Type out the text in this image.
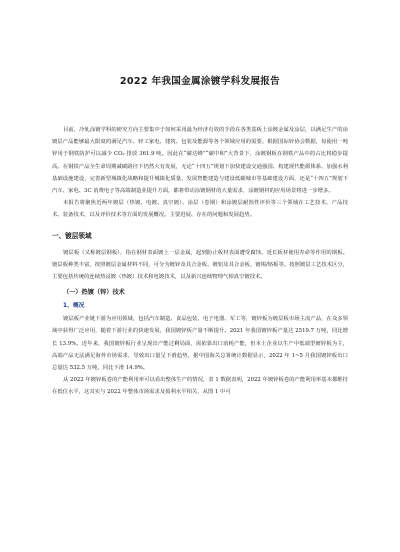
2022 年我国金属涂镀学科发展报告

目前，冷轧涂镀学科的研究方向主要集中于如何采用最为经济有效的手段在各类基板上涂镀金属及涂层，以满足生产的涂镀层产品能够最大限度的满足汽车、轻工家电、建筑、包装及能源等各个领域应用的需要。根据国际锌协会数据，每使用一吨锌用于钢铁防护可以减少 CO₂ 排放 361.9 吨。因此在“碳达峰”“碳中和”大背景下，涂镀钢板在钢铁产品中的占比将稳步提高。在钢铁产品全生命周期减碳路径下仍然大有发展，无论“十四五”规划下加快建设交通强国、构建现代能源体系、加强水利基础设施建设，完善新型城镇化战略和提升城镇化质量、发展智能建造与建设低碳城市等基础建设方面，还是“十四五”规划下汽车、家电、3C 消费电子等高端制造业提升方面，都将带动涂镀钢材的大量需求，涂镀钢材的应用场景将进一步增多。

本报告将聚焦近两年镀层（热镀、电镀、真空镀）、涂层（卷钢）和涂镀层耐蚀性评价等三个领域在工艺技术、产品技术、装备技术，以及评价技术等方面的发展概况、主要进展、存在的问题和发展趋势。

一、镀层领域

镀层板（又称镀层钢板），指在钢材表面镀上一层金属，起到防止板材表面遭受腐蚀、延长板材使用寿命等作用的钢板。镀层板种类丰富，按照镀层金属材料不同，可分为镀锌及其合金板、镀铝及其合金板、镀锡/铬板等。按照镀层工艺技术区分，主要包括传统的连续热浸镀（热镀）技术和电镀技术，以及新兴连续物理气相真空镀技术。

（一）热镀（锌）技术
1、概况

镀层板产业链下游为应用领域，包括汽车制造、食品包装、电子电器、军工等，镀锌板为镀层板市场主流产品，在众多领域中获得广泛应用，随着下游行业的快速发展，我国镀锌板产量不断提升。2021 年我国镀锌板产量达 2519.7 万吨，同比增长 13.9%。近年来，我国镀锌板行业呈现出产能过剩局面，需依靠出口消耗产能，但本土企业以生产中低端型镀锌板为主，高端产品无法满足海外市场需求，导致出口量呈下滑趋势。据中国海关总署统计数据显示，2022 年 1~5 月我国镀锌板出口总量达 532.5 万吨，同比下滑 14.9%。

从 2022 年镀锌板卷的产能利用率可以看出整体生产的情况，表 1 数据表明，2022 年镀锌板卷的产能利用率基本都维持在低位水平，这其实与 2022 年整体市场需求及盈利水平相关，从图 1 中可
